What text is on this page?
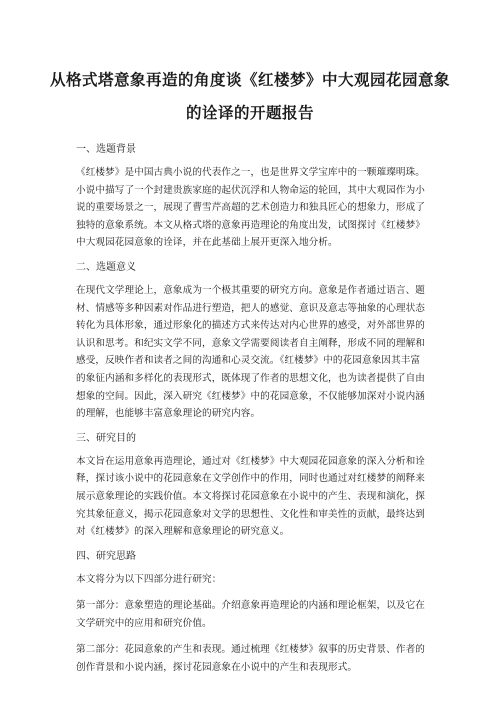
从格式塔意象再造的角度谈《红楼梦》中大观园花园意象
的诠译的开题报告

一、选题背景

《红楼梦》是中国古典小说的代表作之一，也是世界文学宝库中的一颗璀璨明珠。小说中描写了一个封建贵族家庭的起伏沉浮和人物命运的轮回，其中大观园作为小说的重要场景之一，展现了曹雪芹高超的艺术创造力和独具匠心的想象力，形成了独特的意象系统。本文从格式塔的意象再造理论的角度出发，试图探讨《红楼梦》中大观园花园意象的诠译，并在此基础上展开更深入地分析。

二、选题意义

在现代文学理论上，意象成为一个极其重要的研究方向。意象是作者通过语言、题材、情感等多种因素对作品进行塑造，把人的感觉、意识及意志等抽象的心理状态转化为具体形象，通过形象化的描述方式来传达对内心世界的感受，对外部世界的认识和思考。和纪实文学不同，意象文学需要阅读者自主阐释，形成不同的理解和感受，反映作者和读者之间的沟通和心灵交流。《红楼梦》中的花园意象因其丰富的象征内涵和多样化的表现形式，既体现了作者的思想文化，也为读者提供了自由想象的空间。因此，深入研究《红楼梦》中的花园意象，不仅能够加深对小说内涵的理解，也能够丰富意象理论的研究内容。

三、研究目的

本文旨在运用意象再造理论，通过对《红楼梦》中大观园花园意象的深入分析和诠释，探讨该小说中的花园意象在文学创作中的作用，同时也通过对红楼梦的阐释来展示意象理论的实践价值。本文将探讨花园意象在小说中的产生、表现和演化，探究其象征意义，揭示花园意象对文学的思想性、文化性和审美性的贡献，最终达到对《红楼梦》的深入理解和意象理论的研究意义。

四、研究思路

本文将分为以下四部分进行研究：

第一部分：意象塑造的理论基础。介绍意象再造理论的内涵和理论框架，以及它在文学研究中的应用和研究价值。

第二部分：花园意象的产生和表现。通过梳理《红楼梦》叙事的历史背景、作者的创作背景和小说内涵，探讨花园意象在小说中的产生和表现形式。
